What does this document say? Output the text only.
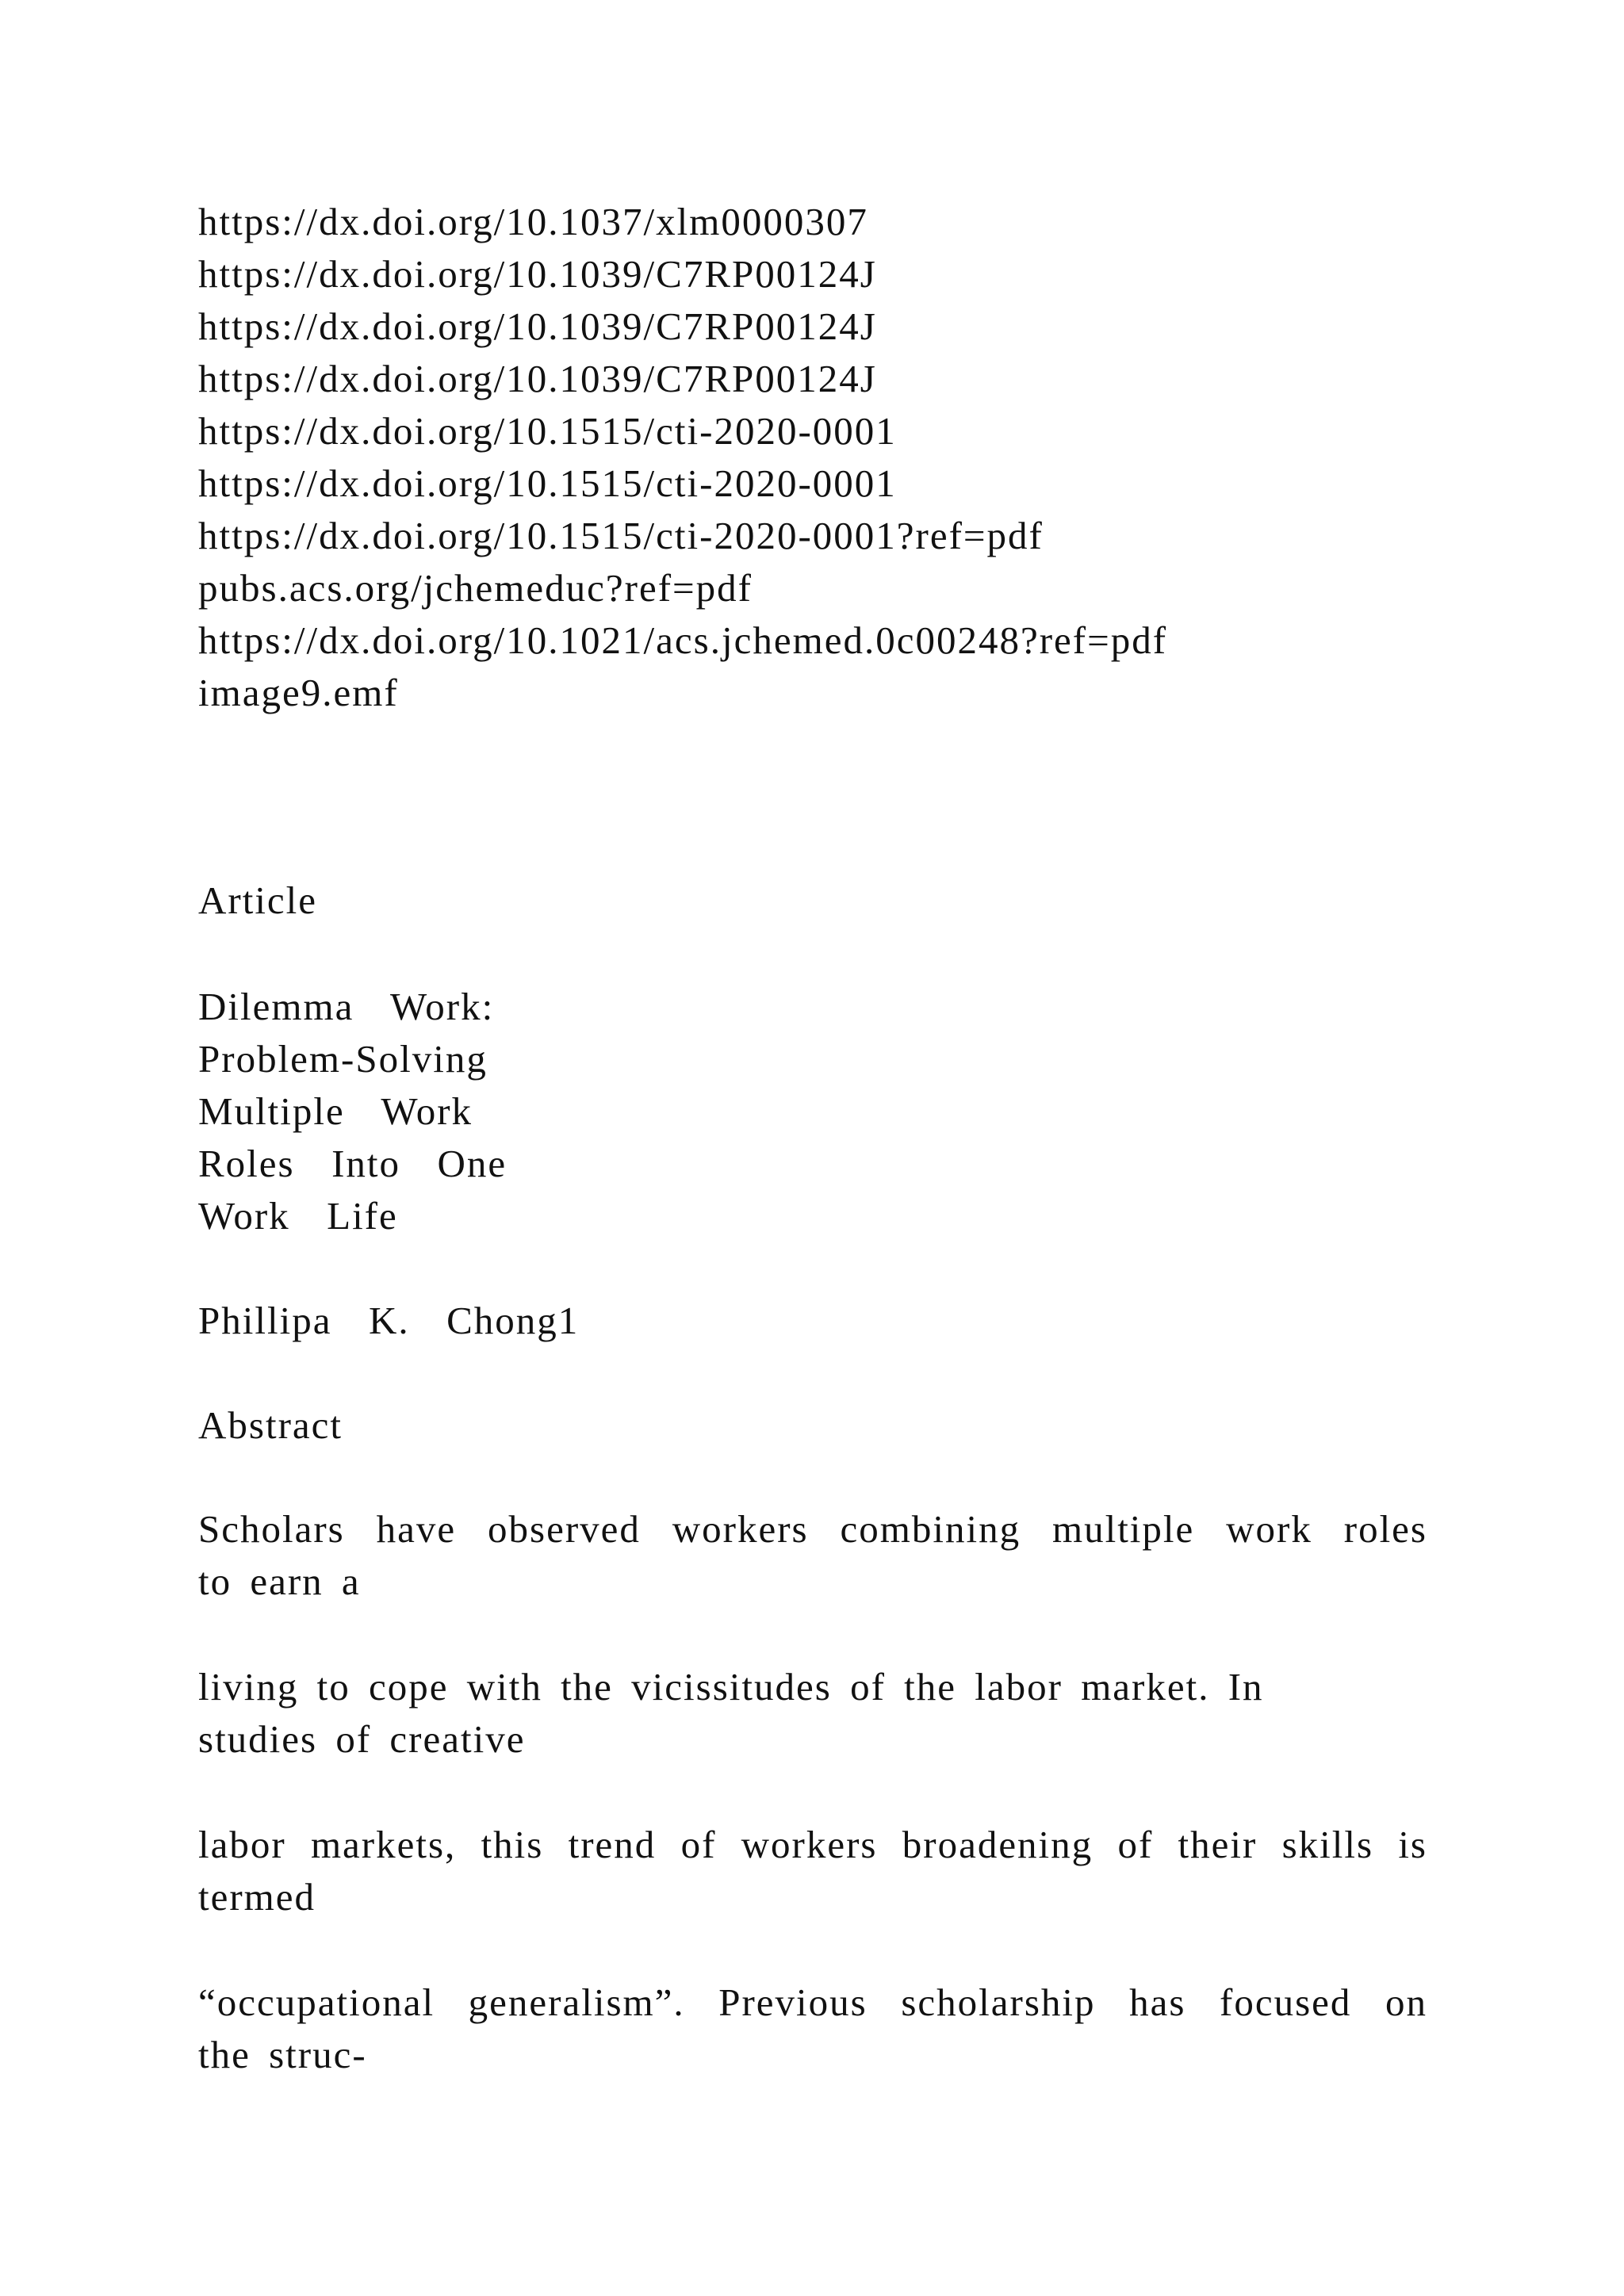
https://dx.doi.org/10.1037/xlm0000307

https://dx.doi.org/10.1039/C7RP00124J

https://dx.doi.org/10.1039/C7RP00124J

https://dx.doi.org/10.1039/C7RP00124J

https://dx.doi.org/10.1515/cti-2020-0001

https://dx.doi.org/10.1515/cti-2020-0001

https://dx.doi.org/10.1515/cti-2020-0001?ref=pdf

pubs.acs.org/jchemeduc?ref=pdf

https://dx.doi.org/10.1021/acs.jchemed.0c00248?ref=pdf

image9.emf

Article

Dilemma  Work:

Problem-Solving

Multiple  Work

Roles  Into  One

Work  Life

Phillipa  K.  Chong1

Abstract

Scholars have observed workers combining multiple work roles
to earn a
living to cope with the vicissitudes of the labor market. In
studies of creative
labor markets, this trend of workers broadening of their skills is
termed
“occupational generalism”. Previous scholarship has focused on
the struc-
